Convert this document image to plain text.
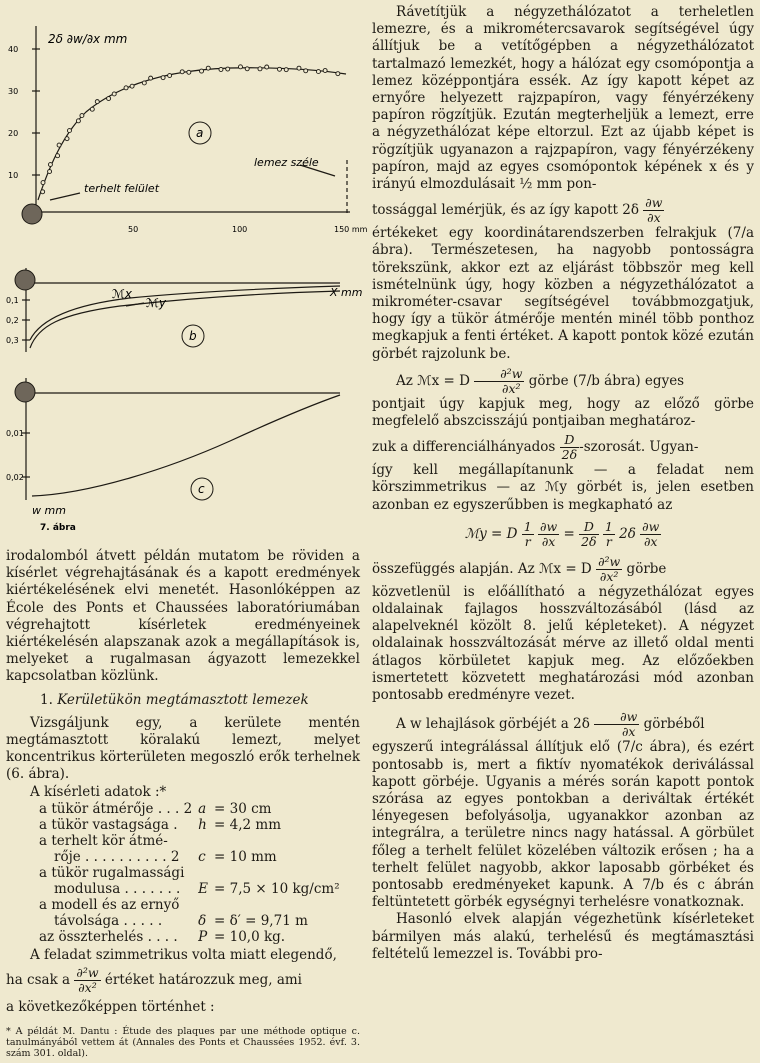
2δ ∂w/∂x mm
40
30
20
10
50	100	150 mm
a
lemez széle
terhelt felület
0,1
0,2
0,3
X mm
ℳx
ℳy
b
0,01
0,02
w mm
c
7. ábra

irodalomból átvett példán mutatom be röviden a kísérlet végrehajtásának és a kapott eredmények kiértékelésének elvi menetét. Hasonlóképpen az École des Ponts et Chaussées laboratóriumában végrehajtott kísérletek eredményeinek kiértékelésén alapszanak azok a megállapítások is, melyeket a rugalmasan ágyazott lemezekkel kapcsolatban közlünk.

1. Kerületükön megtámasztott lemezek

Vizsgáljunk egy, a kerülete mentén megtámasztott köralakú lemezt, melyet koncentrikus körterületen megoszló erők terhelnek (6. ábra).

A kísérleti adatok :*

a tükör átmérője . . . 2	a	= 30 cm
a tükör vastagsága .	h	= 4,2 mm
a terhelt kör átmé-		
rője . . . . . . . . . . 2	c	= 10 mm
a tükör rugalmassági		
modulusa . . . . . . .	E	= 7,5 × 10 kg/cm²
a modell és az ernyő		
távolsága . . . . .	δ	= δ′ = 9,71 m
az összterhelés . . . .	P	= 10,0 kg.

A feladat szimmetrikus volta miatt elegendő,

ha csak a $\frac{\text{∂²w}}{\text{∂x²}}$ értéket határozzuk meg, ami

a következőképpen történhet :

* A példát M. Dantu : Étude des plaques par une méthode optique c. tanulmányából vettem át (Annales des Ponts et Chaussées 1952. évf. 3. szám 301. oldal).

Rávetítjük a négyzethálózatot a terheletlen lemezre, és a mikrométercsavarok segítségével úgy állítjuk be a vetítőgépben a négyzethálózatot tartalmazó lemezkét, hogy a hálózat egy csomópontja a lemez középpontjára essék. Az így kapott képet az ernyőre helyezett rajzpapíron, vagy fényérzékeny papíron rögzítjük. Ezután megterheljük a lemezt, erre a négyzethálózat képe eltorzul. Ezt az újabb képet is rögzítjük ugyanazon a rajzpapíron, vagy fényérzékeny papíron, majd az egyes csomópontok képének x és y irányú elmozdulásait ½ mm pon-

tossággal lemérjük, és az így kapott $2\delta \frac{\partial w}{\partial x}$

értékeket egy koordinátarendszerben felrakjuk (7/a ábra). Természetesen, ha nagyobb pontosságra törekszünk, akkor ezt az eljárást többször meg kell ismételnünk úgy, hogy közben a négyzethálózatot a mikrométer-csavar segítségével továbbmozgatjuk, hogy így a tükör átmérője mentén minél több ponthoz megkapjuk a fenti értéket. A kapott pontok közé ezután görbét rajzolunk be.

Az ℳx = D $\frac{\text{∂²w}}{\text{∂x²}}$ görbe (7/b ábra) egyes

pontjait úgy kapjuk meg, hogy az előző görbe megfelelő abszcisszájú pontjaiban meghatároz-

zuk a differenciálhányados $\frac{D}{2\delta}$ -szorosát. Ugyan-

így kell megállapítanunk — a feladat nem körszimmetrikus — az ℳy görbét is, jelen esetben azonban ez egyszerűbben is megkapható az

ℳy = D $\frac{1}{r}$
$\frac{\partial w}{\partial x} = \frac{D}{2\delta}$
$\frac{1}{r} 2\delta \frac{\partial w}{\partial x}$

összefüggés alapján. Az ℳx = D $\frac{\text{∂²w}}{\text{∂x²}}$ görbe

közvetlenül is előállítható a négyzethálózat egyes oldalainak fajlagos hosszváltozásából (lásd az alapelveknél közölt 8. jelű képleteket). A négyzet oldalainak hosszváltozását mérve az illető oldal menti átlagos körbületet kapjuk meg. Az előzőekben ismertetett közvetett meghatározási mód azonban pontosabb eredményre vezet.

A w lehajlások görbéjét a $2\delta \frac{\partial w}{\partial x}$ görbéből

egyszerű integrálással állítjuk elő (7/c ábra), és ezért pontosabb is, mert a fiktív nyomatékok deriválással kapott görbéje. Ugyanis a mérés során kapott pontok szórása az egyes pontokban a deriváltak értékét lényegesen befolyásolja, ugyanakkor azonban az integrálra, a területre nincs nagy hatással. A görbület főleg a terhelt felület közelében változik erősen ; ha a terhelt felület nagyobb, akkor laposabb görbéket és pontosabb eredményeket kapunk. A 7/b és c ábrán feltüntetett görbék egységnyi terhelésre vonatkoznak.

Hasonló elvek alapján végezhetünk kísérleteket bármilyen más alakú, terhelésű és megtámasztási feltételű lemezzel is. További pro-
